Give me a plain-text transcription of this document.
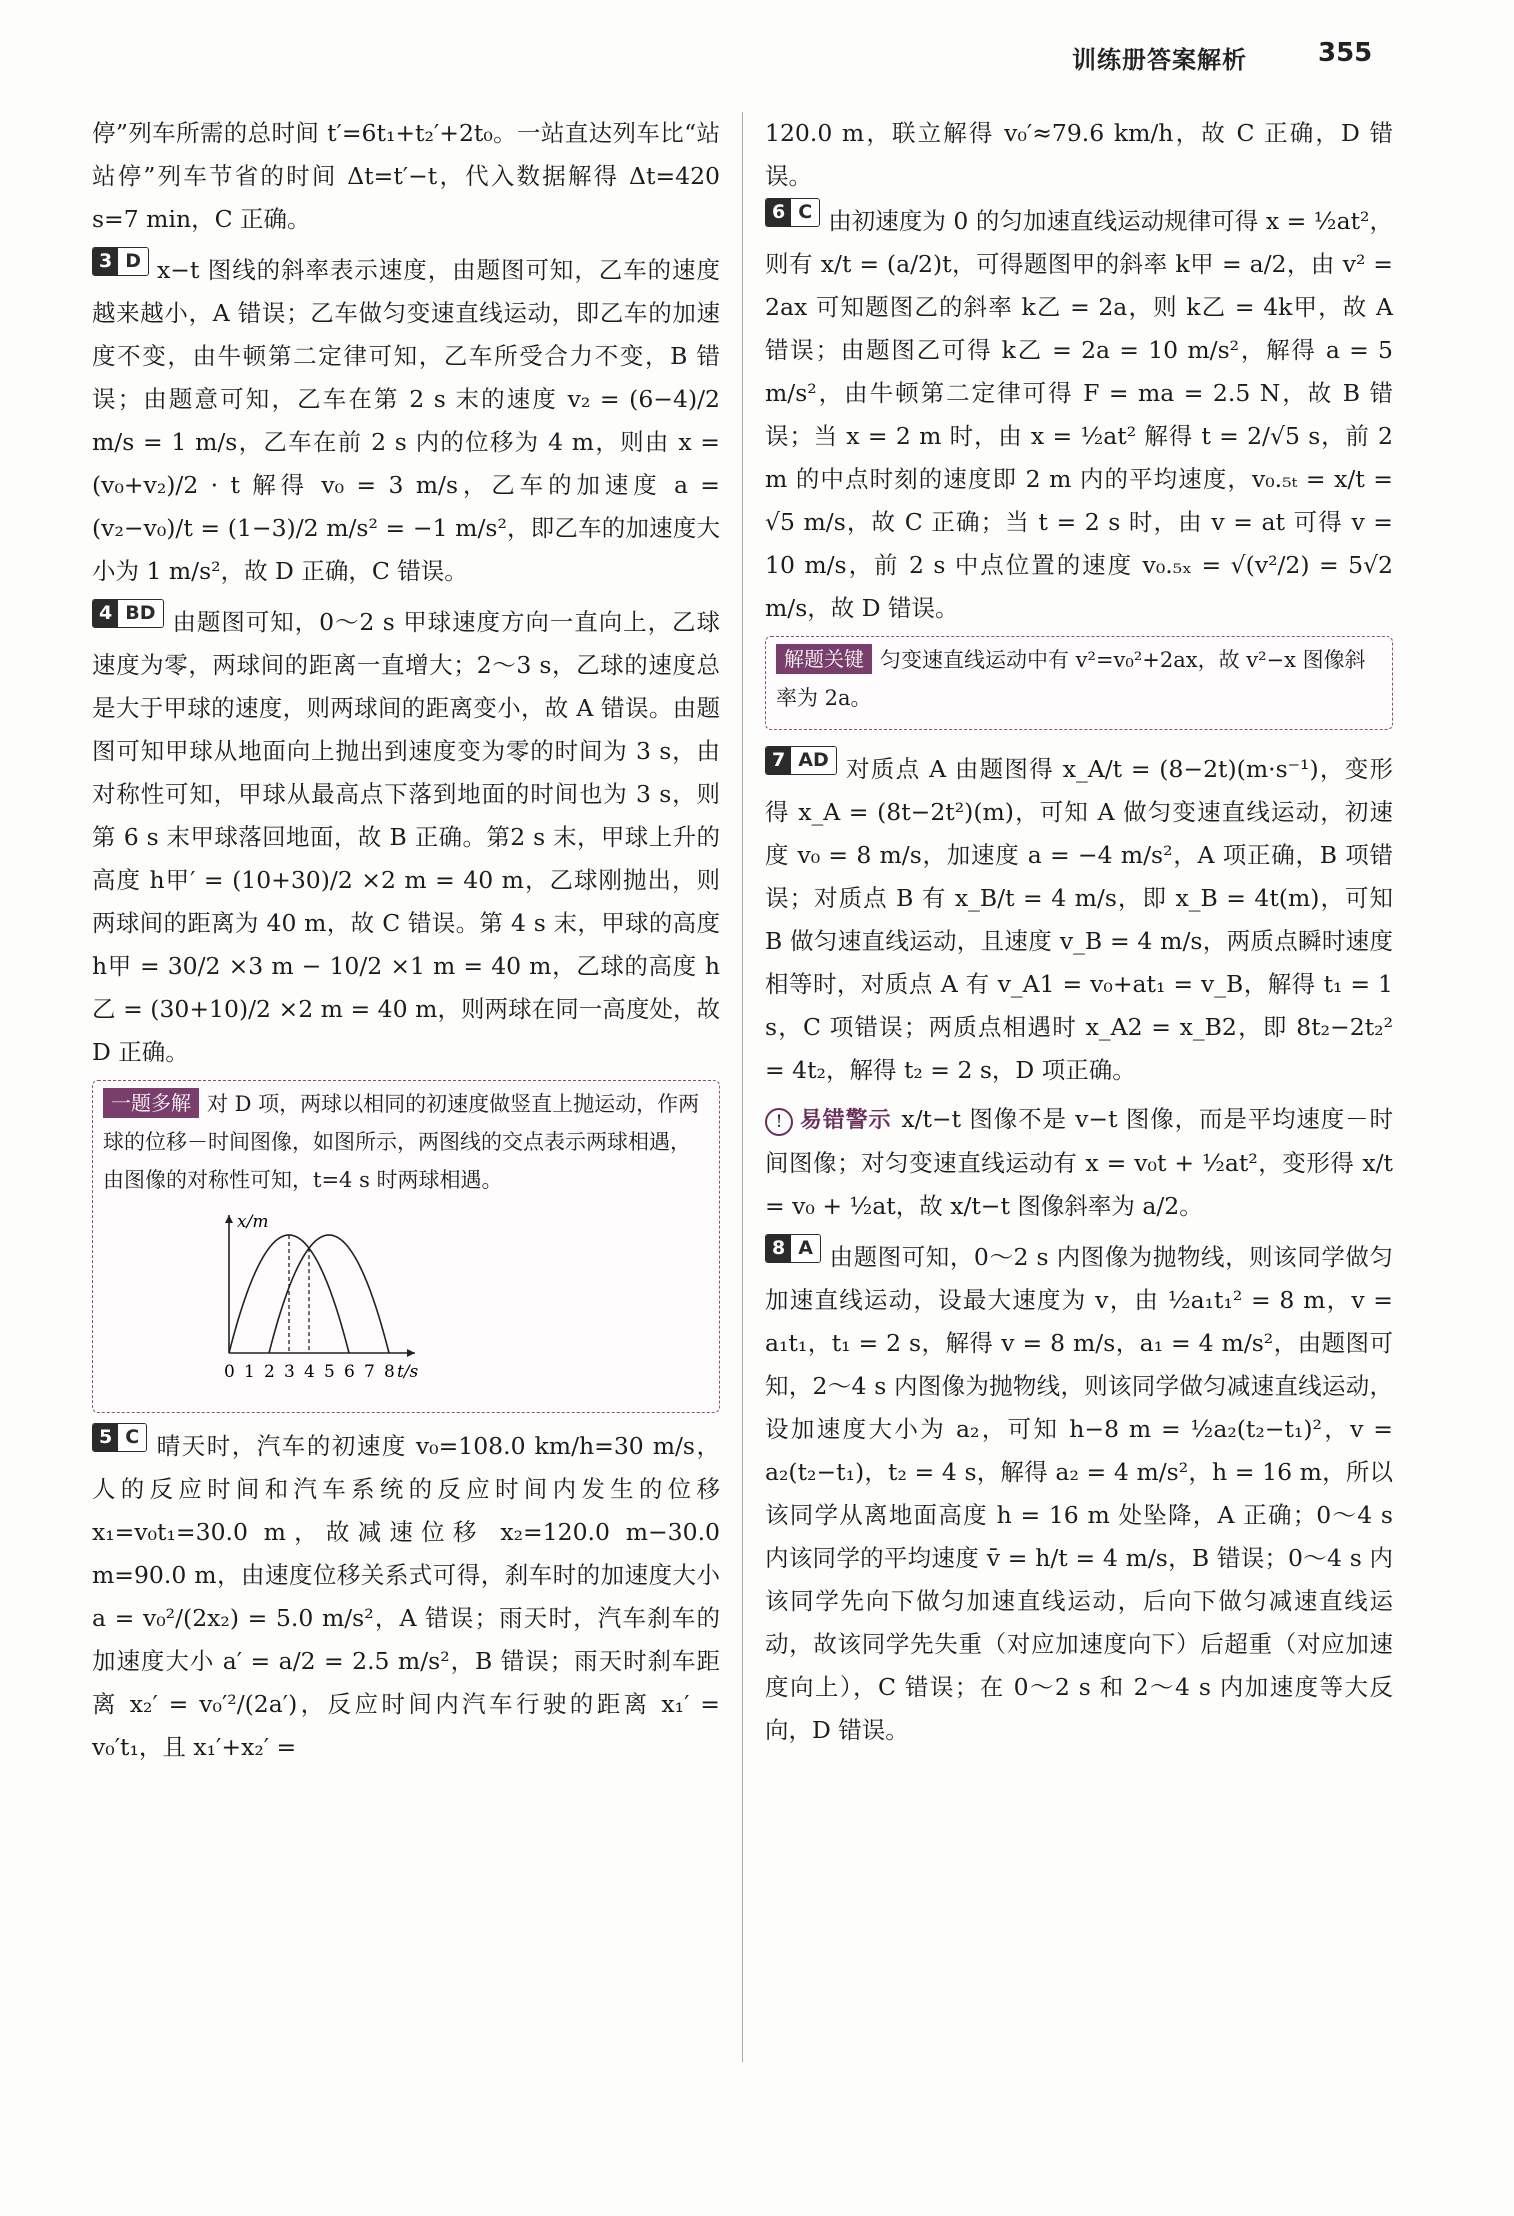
训练册答案解析	355

停”列车所需的总时间 t′=6t₁+t₂′+2t₀。一站直达列车比“站站停”列车节省的时间 Δt=t′−t，代入数据解得 Δt=420 s=7 min，C 正确。

3 D x−t 图线的斜率表示速度，由题图可知，乙车的速度越来越小，A 错误；乙车做匀变速直线运动，即乙车的加速度不变，由牛顿第二定律可知，乙车所受合力不变，B 错误；由题意可知，乙车在第 2 s 末的速度 v₂ = (6−4)/2 m/s = 1 m/s，乙车在前 2 s 内的位移为 4 m，则由 x = (v₀+v₂)/2 · t 解得 v₀ = 3 m/s，乙车的加速度 a = (v₂−v₀)/t = (1−3)/2 m/s² = −1 m/s²，即乙车的加速度大小为 1 m/s²，故 D 正确，C 错误。

4 BD 由题图可知，0～2 s 甲球速度方向一直向上，乙球速度为零，两球间的距离一直增大；2～3 s，乙球的速度总是大于甲球的速度，则两球间的距离变小，故 A 错误。由题图可知甲球从地面向上抛出到速度变为零的时间为 3 s，由对称性可知，甲球从最高点下落到地面的时间也为 3 s，则第 6 s 末甲球落回地面，故 B 正确。第2 s 末，甲球上升的高度 h甲′ = (10+30)/2 ×2 m = 40 m，乙球刚抛出，则两球间的距离为 40 m，故 C 错误。第 4 s 末，甲球的高度 h甲 = 30/2 ×3 m − 10/2 ×1 m = 40 m，乙球的高度 h乙 = (30+10)/2 ×2 m = 40 m，则两球在同一高度处，故 D 正确。

一题多解 对 D 项，两球以相同的初速度做竖直上抛运动，作两球的位移－时间图像，如图所示，两图线的交点表示两球相遇，由图像的对称性可知，t=4 s 时两球相遇。
x/m
t/s
0 1 2 3 4 5 6 7 8

5 C 晴天时，汽车的初速度 v₀=108.0 km/h=30 m/s，人的反应时间和汽车系统的反应时间内发生的位移 x₁=v₀t₁=30.0 m，故减速位移 x₂=120.0 m−30.0 m=90.0 m，由速度位移关系式可得，刹车时的加速度大小 a = v₀²/(2x₂) = 5.0 m/s²，A 错误；雨天时，汽车刹车的加速度大小 a′ = a/2 = 2.5 m/s²，B 错误；雨天时刹车距离 x₂′ = v₀′²/(2a′)，反应时间内汽车行驶的距离 x₁′ = v₀′t₁，且 x₁′+x₂′ =

120.0 m，联立解得 v₀′≈79.6 km/h，故 C 正确，D 错误。

6 C 由初速度为 0 的匀加速直线运动规律可得 x = ½at²，则有 x/t = (a/2)t，可得题图甲的斜率 k甲 = a/2，由 v² = 2ax 可知题图乙的斜率 k乙 = 2a，则 k乙 = 4k甲，故 A 错误；由题图乙可得 k乙 = 2a = 10 m/s²，解得 a = 5 m/s²，由牛顿第二定律可得 F = ma = 2.5 N，故 B 错误；当 x = 2 m 时，由 x = ½at² 解得 t = 2/√5 s，前 2 m 的中点时刻的速度即 2 m 内的平均速度，v₀.₅ₜ = x/t = √5 m/s，故 C 正确；当 t = 2 s 时，由 v = at 可得 v = 10 m/s，前 2 s 中点位置的速度 v₀.₅ₓ = √(v²/2) = 5√2 m/s，故 D 错误。

解题关键 匀变速直线运动中有 v²=v₀²+2ax，故 v²−x 图像斜率为 2a。

7 AD 对质点 A 由题图得 x_A/t = (8−2t)(m·s⁻¹)，变形得 x_A = (8t−2t²)(m)，可知 A 做匀变速直线运动，初速度 v₀ = 8 m/s，加速度 a = −4 m/s²，A 项正确，B 项错误；对质点 B 有 x_B/t = 4 m/s，即 x_B = 4t(m)，可知 B 做匀速直线运动，且速度 v_B = 4 m/s，两质点瞬时速度相等时，对质点 A 有 v_A1 = v₀+at₁ = v_B，解得 t₁ = 1 s，C 项错误；两质点相遇时 x_A2 = x_B2，即 8t₂−2t₂² = 4t₂，解得 t₂ = 2 s，D 项正确。

! 易错警示 x/t−t 图像不是 v−t 图像，而是平均速度－时间图像；对匀变速直线运动有 x = v₀t + ½at²，变形得 x/t = v₀ + ½at，故 x/t−t 图像斜率为 a/2。

8 A 由题图可知，0～2 s 内图像为抛物线，则该同学做匀加速直线运动，设最大速度为 v，由 ½a₁t₁² = 8 m，v = a₁t₁，t₁ = 2 s，解得 v = 8 m/s，a₁ = 4 m/s²，由题图可知，2～4 s 内图像为抛物线，则该同学做匀减速直线运动，设加速度大小为 a₂，可知 h−8 m = ½a₂(t₂−t₁)²，v = a₂(t₂−t₁)，t₂ = 4 s，解得 a₂ = 4 m/s²，h = 16 m，所以该同学从离地面高度 h = 16 m 处坠降，A 正确；0～4 s 内该同学的平均速度 v̄ = h/t = 4 m/s，B 错误；0～4 s 内该同学先向下做匀加速直线运动，后向下做匀减速直线运动，故该同学先失重（对应加速度向下）后超重（对应加速度向上），C 错误；在 0～2 s 和 2～4 s 内加速度等大反向，D 错误。
